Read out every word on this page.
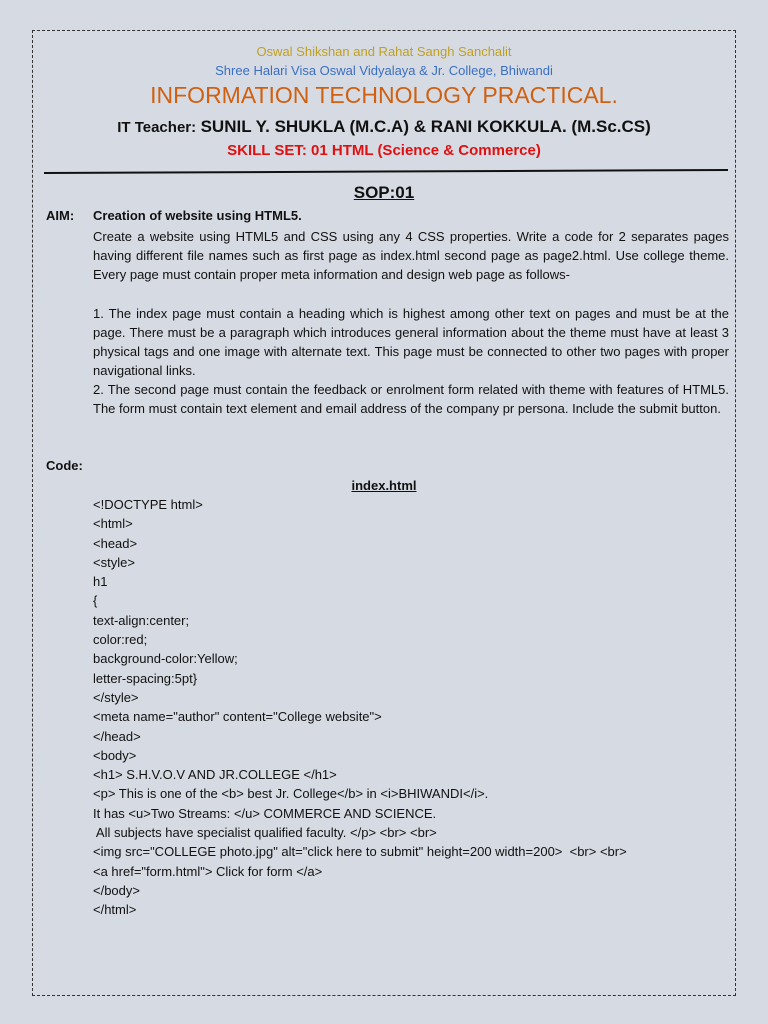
Oswal Shikshan and Rahat Sangh Sanchalit
Shree Halari Visa Oswal Vidyalaya & Jr. College, Bhiwandi
INFORMATION TECHNOLOGY PRACTICAL.
IT Teacher: SUNIL Y. SHUKLA (M.C.A) & RANI KOKKULA. (M.Sc.CS)
SKILL SET: 01 HTML (Science & Commerce)
SOP:01
AIM: Creation of website using HTML5.
Create a website using HTML5 and CSS using any 4 CSS properties. Write a code for 2 separates pages having different file names such as first page as index.html second page as page2.html. Use college theme. Every page must contain proper meta information and design web page as follows-
1. The index page must contain a heading which is highest among other text on pages and must be at the page. There must be a paragraph which introduces general information about the theme must have at least 3 physical tags and one image with alternate text. This page must be connected to other two pages with proper navigational links.
2. The second page must contain the feedback or enrolment form related with theme with features of HTML5. The form must contain text element and email address of the company pr persona. Include the submit button.
Code:
index.html
<!DOCTYPE html>
<html>
<head>
<style>
h1
{
text-align:center;
color:red;
background-color:Yellow;
letter-spacing:5pt}
</style>
<meta name="author" content="College website">
</head>
<body>
<h1> S.H.V.O.V AND JR.COLLEGE </h1>
<p> This is one of the <b> best Jr. College</b> in <i>BHIWANDI</i>.
It has <u>Two Streams: </u> COMMERCE AND SCIENCE.
All subjects have specialist qualified faculty. </p> <br> <br>
<img src="COLLEGE photo.jpg" alt="click here to submit" height=200 width=200>  <br> <br>
<a href="form.html"> Click for form </a>
</body>
</html>
